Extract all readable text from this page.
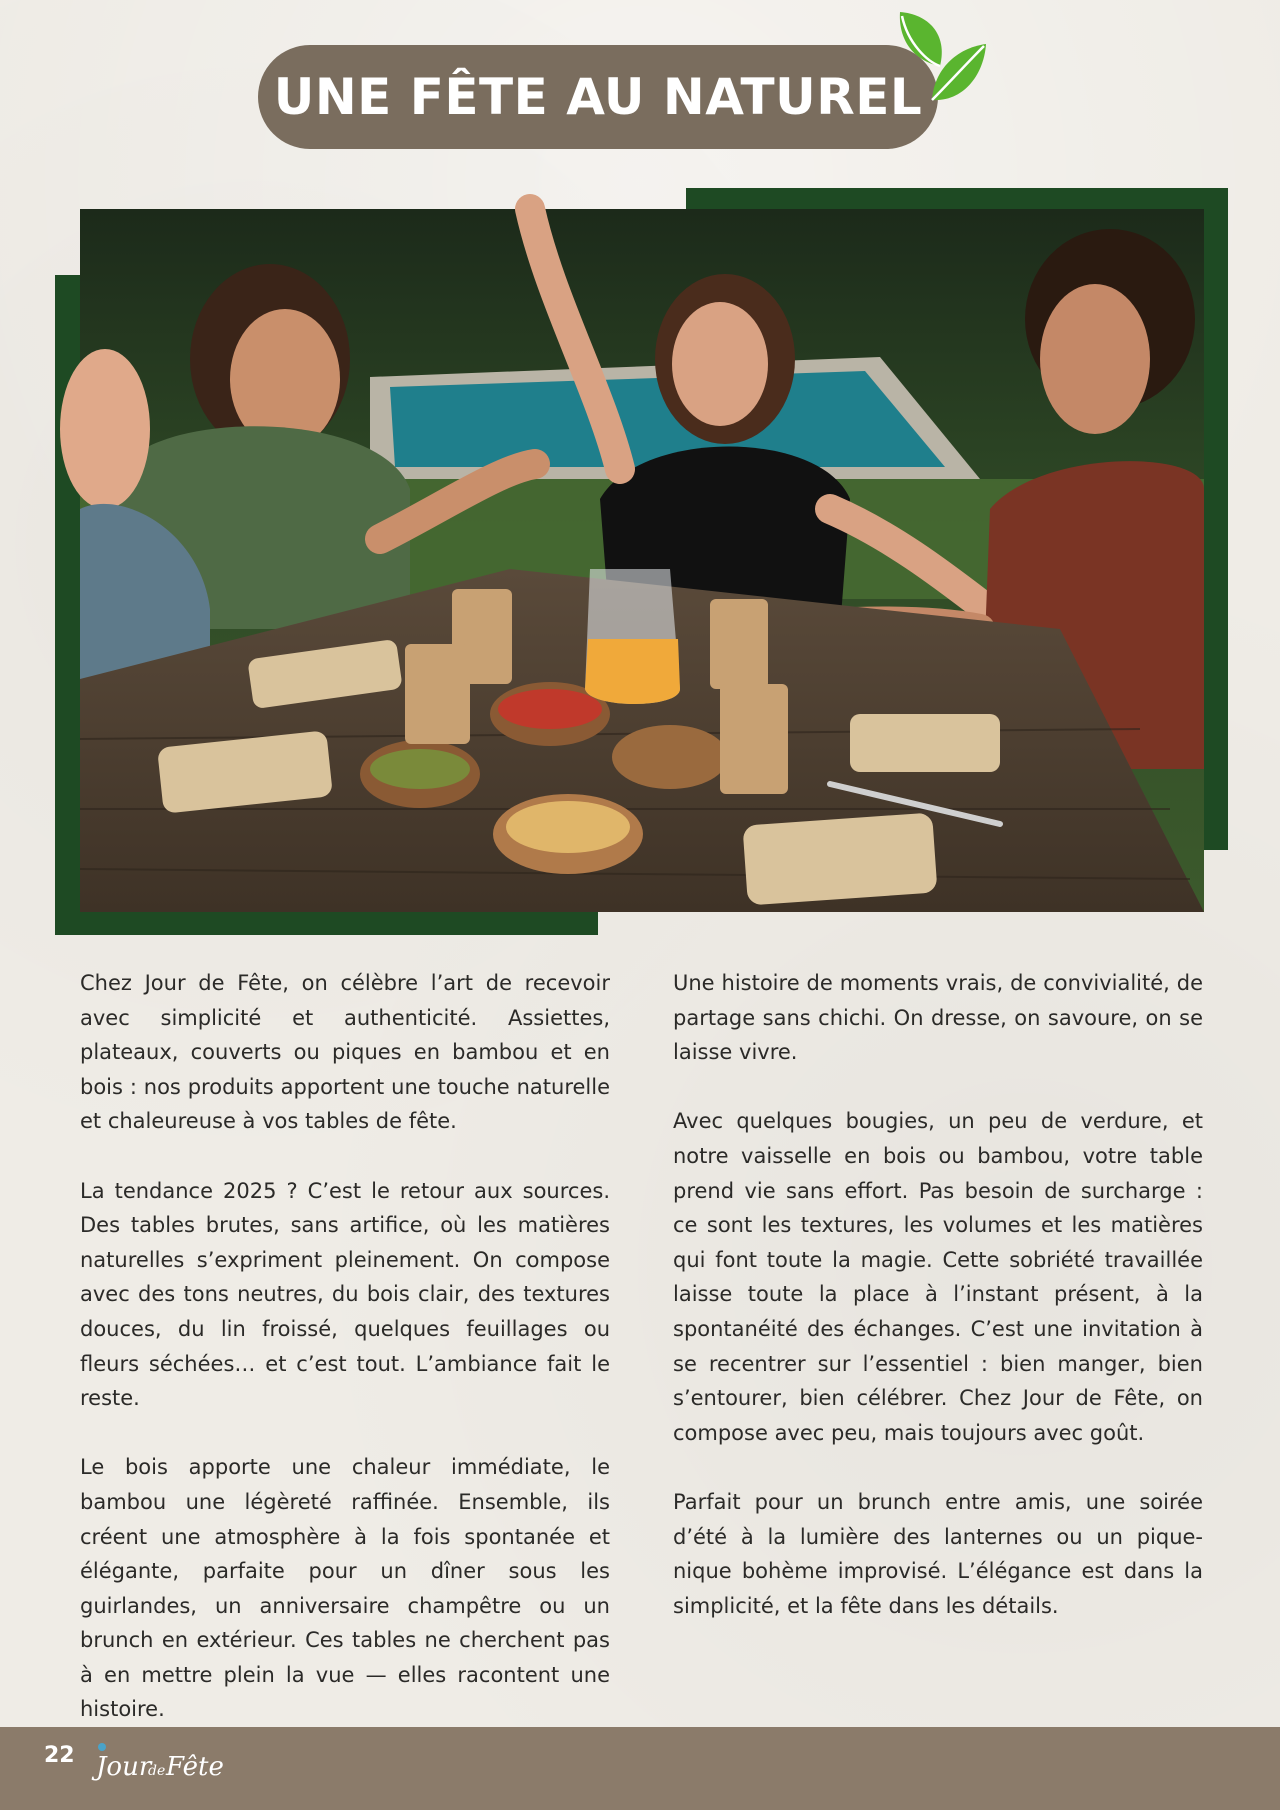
UNE FÊTE AU NATUREL

Chez Jour de Fête, on célèbre l’art de recevoir avec simplicité et authenticité. Assiettes, plateaux, couverts ou piques en bambou et en bois : nos produits apportent une touche naturelle et chaleureuse à vos tables de fête.

La tendance 2025 ? C’est le retour aux sources. Des tables brutes, sans artifice, où les matières naturelles s’expriment pleinement. On compose avec des tons neutres, du bois clair, des textures douces, du lin froissé, quelques feuillages ou fleurs séchées… et c’est tout. L’ambiance fait le reste.

Le bois apporte une chaleur immédiate, le bambou une légèreté raffinée. Ensemble, ils créent une atmosphère à la fois spontanée et élégante, parfaite pour un dîner sous les guirlandes, un anniversaire champêtre ou un brunch en extérieur. Ces tables ne cherchent pas à en mettre plein la vue — elles racontent une histoire.

Une histoire de moments vrais, de convivialité, de partage sans chichi. On dresse, on savoure, on se laisse vivre.

Avec quelques bougies, un peu de verdure, et notre vaisselle en bois ou bambou, votre table prend vie sans effort. Pas besoin de surcharge : ce sont les textures, les volumes et les matières qui font toute la magie. Cette sobriété travaillée laisse toute la place à l’instant présent, à la spontanéité des échanges. C’est une invitation à se recentrer sur l’essentiel : bien manger, bien s’entourer, bien célébrer. Chez Jour de Fête, on compose avec peu, mais toujours avec goût.

Parfait pour un brunch entre amis, une soirée d’été à la lumière des lanternes ou un pique-nique bohème improvisé. L’élégance est dans la simplicité, et la fête dans les détails.

22 Jour
de Fête
